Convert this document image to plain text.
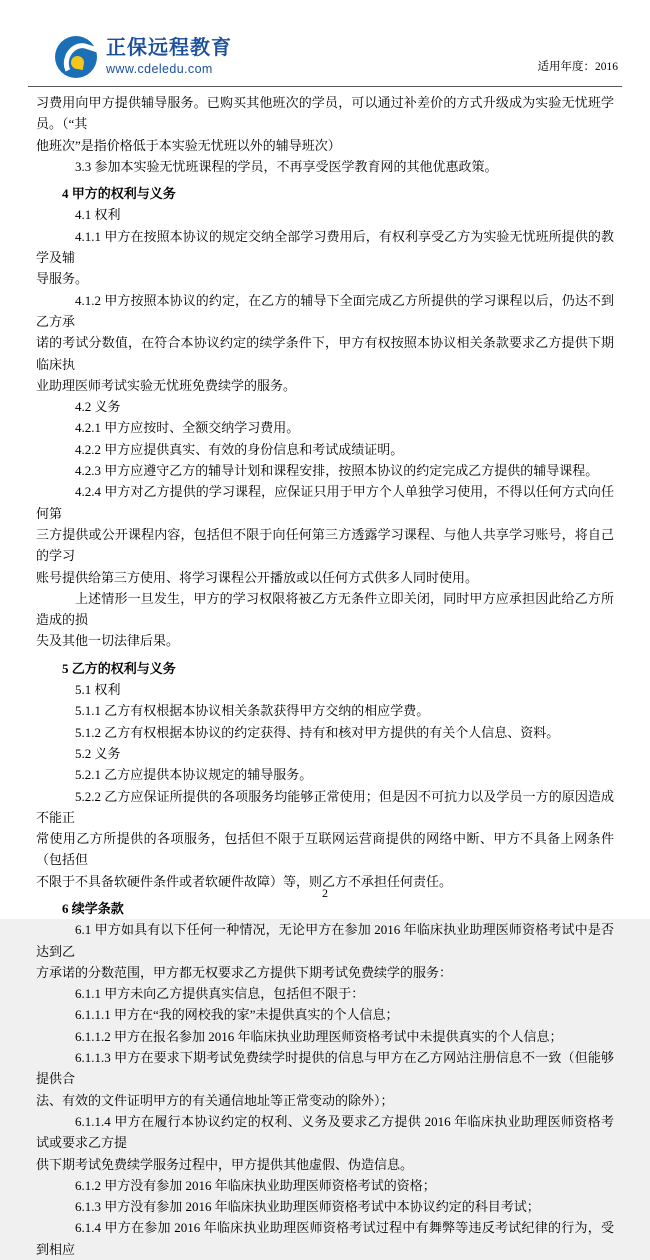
正保远程教育
www.cdeledu.com	适用年度：2016

习费用向甲方提供辅导服务。已购买其他班次的学员，可以通过补差价的方式升级成为实验无忧班学员。（“其

他班次”是指价格低于本实验无忧班以外的辅导班次）

3.3 参加本实验无忧班课程的学员，不再享受医学教育网的其他优惠政策。

4 甲方的权利与义务

4.1 权利

4.1.1 甲方在按照本协议的规定交纳全部学习费用后，有权利享受乙方为实验无忧班所提供的教学及辅

导服务。

4.1.2 甲方按照本协议的约定，在乙方的辅导下全面完成乙方所提供的学习课程以后，仍达不到乙方承

诺的考试分数值，在符合本协议约定的续学条件下，甲方有权按照本协议相关条款要求乙方提供下期临床执

业助理医师考试实验无忧班免费续学的服务。

4.2 义务

4.2.1 甲方应按时、全额交纳学习费用。

4.2.2 甲方应提供真实、有效的身份信息和考试成绩证明。

4.2.3 甲方应遵守乙方的辅导计划和课程安排，按照本协议的约定完成乙方提供的辅导课程。

4.2.4 甲方对乙方提供的学习课程，应保证只用于甲方个人单独学习使用，不得以任何方式向任何第

三方提供或公开课程内容，包括但不限于向任何第三方透露学习课程、与他人共享学习账号，将自己的学习

账号提供给第三方使用、将学习课程公开播放或以任何方式供多人同时使用。

上述情形一旦发生，甲方的学习权限将被乙方无条件立即关闭，同时甲方应承担因此给乙方所造成的损

失及其他一切法律后果。

5 乙方的权利与义务

5.1 权利

5.1.1 乙方有权根据本协议相关条款获得甲方交纳的相应学费。

5.1.2 乙方有权根据本协议的约定获得、持有和核对甲方提供的有关个人信息、资料。

5.2 义务

5.2.1 乙方应提供本协议规定的辅导服务。

5.2.2 乙方应保证所提供的各项服务均能够正常使用；但是因不可抗力以及学员一方的原因造成不能正

常使用乙方所提供的各项服务，包括但不限于互联网运营商提供的网络中断、甲方不具备上网条件（包括但

不限于不具备软硬件条件或者软硬件故障）等，则乙方不承担任何责任。

6 续学条款

6.1 甲方如具有以下任何一种情况，无论甲方在参加 2016 年临床执业助理医师资格考试中是否达到乙

方承诺的分数范围，甲方都无权要求乙方提供下期考试免费续学的服务：

6.1.1 甲方未向乙方提供真实信息，包括但不限于：

6.1.1.1 甲方在“我的网校我的家”未提供真实的个人信息；

6.1.1.2 甲方在报名参加 2016 年临床执业助理医师资格考试中未提供真实的个人信息；

6.1.1.3 甲方在要求下期考试免费续学时提供的信息与甲方在乙方网站注册信息不一致（但能够提供合

法、有效的文件证明甲方的有关通信地址等正常变动的除外）；

6.1.1.4 甲方在履行本协议约定的权利、义务及要求乙方提供 2016 年临床执业助理医师资格考试或要求乙方提

供下期考试免费续学服务过程中，甲方提供其他虚假、伪造信息。

6.1.2 甲方没有参加 2016 年临床执业助理医师资格考试的资格；

6.1.3 甲方没有参加 2016 年临床执业助理医师资格考试中本协议约定的科目考试；

6.1.4 甲方在参加 2016 年临床执业助理医师资格考试过程中有舞弊等违反考试纪律的行为，受到相应

2
